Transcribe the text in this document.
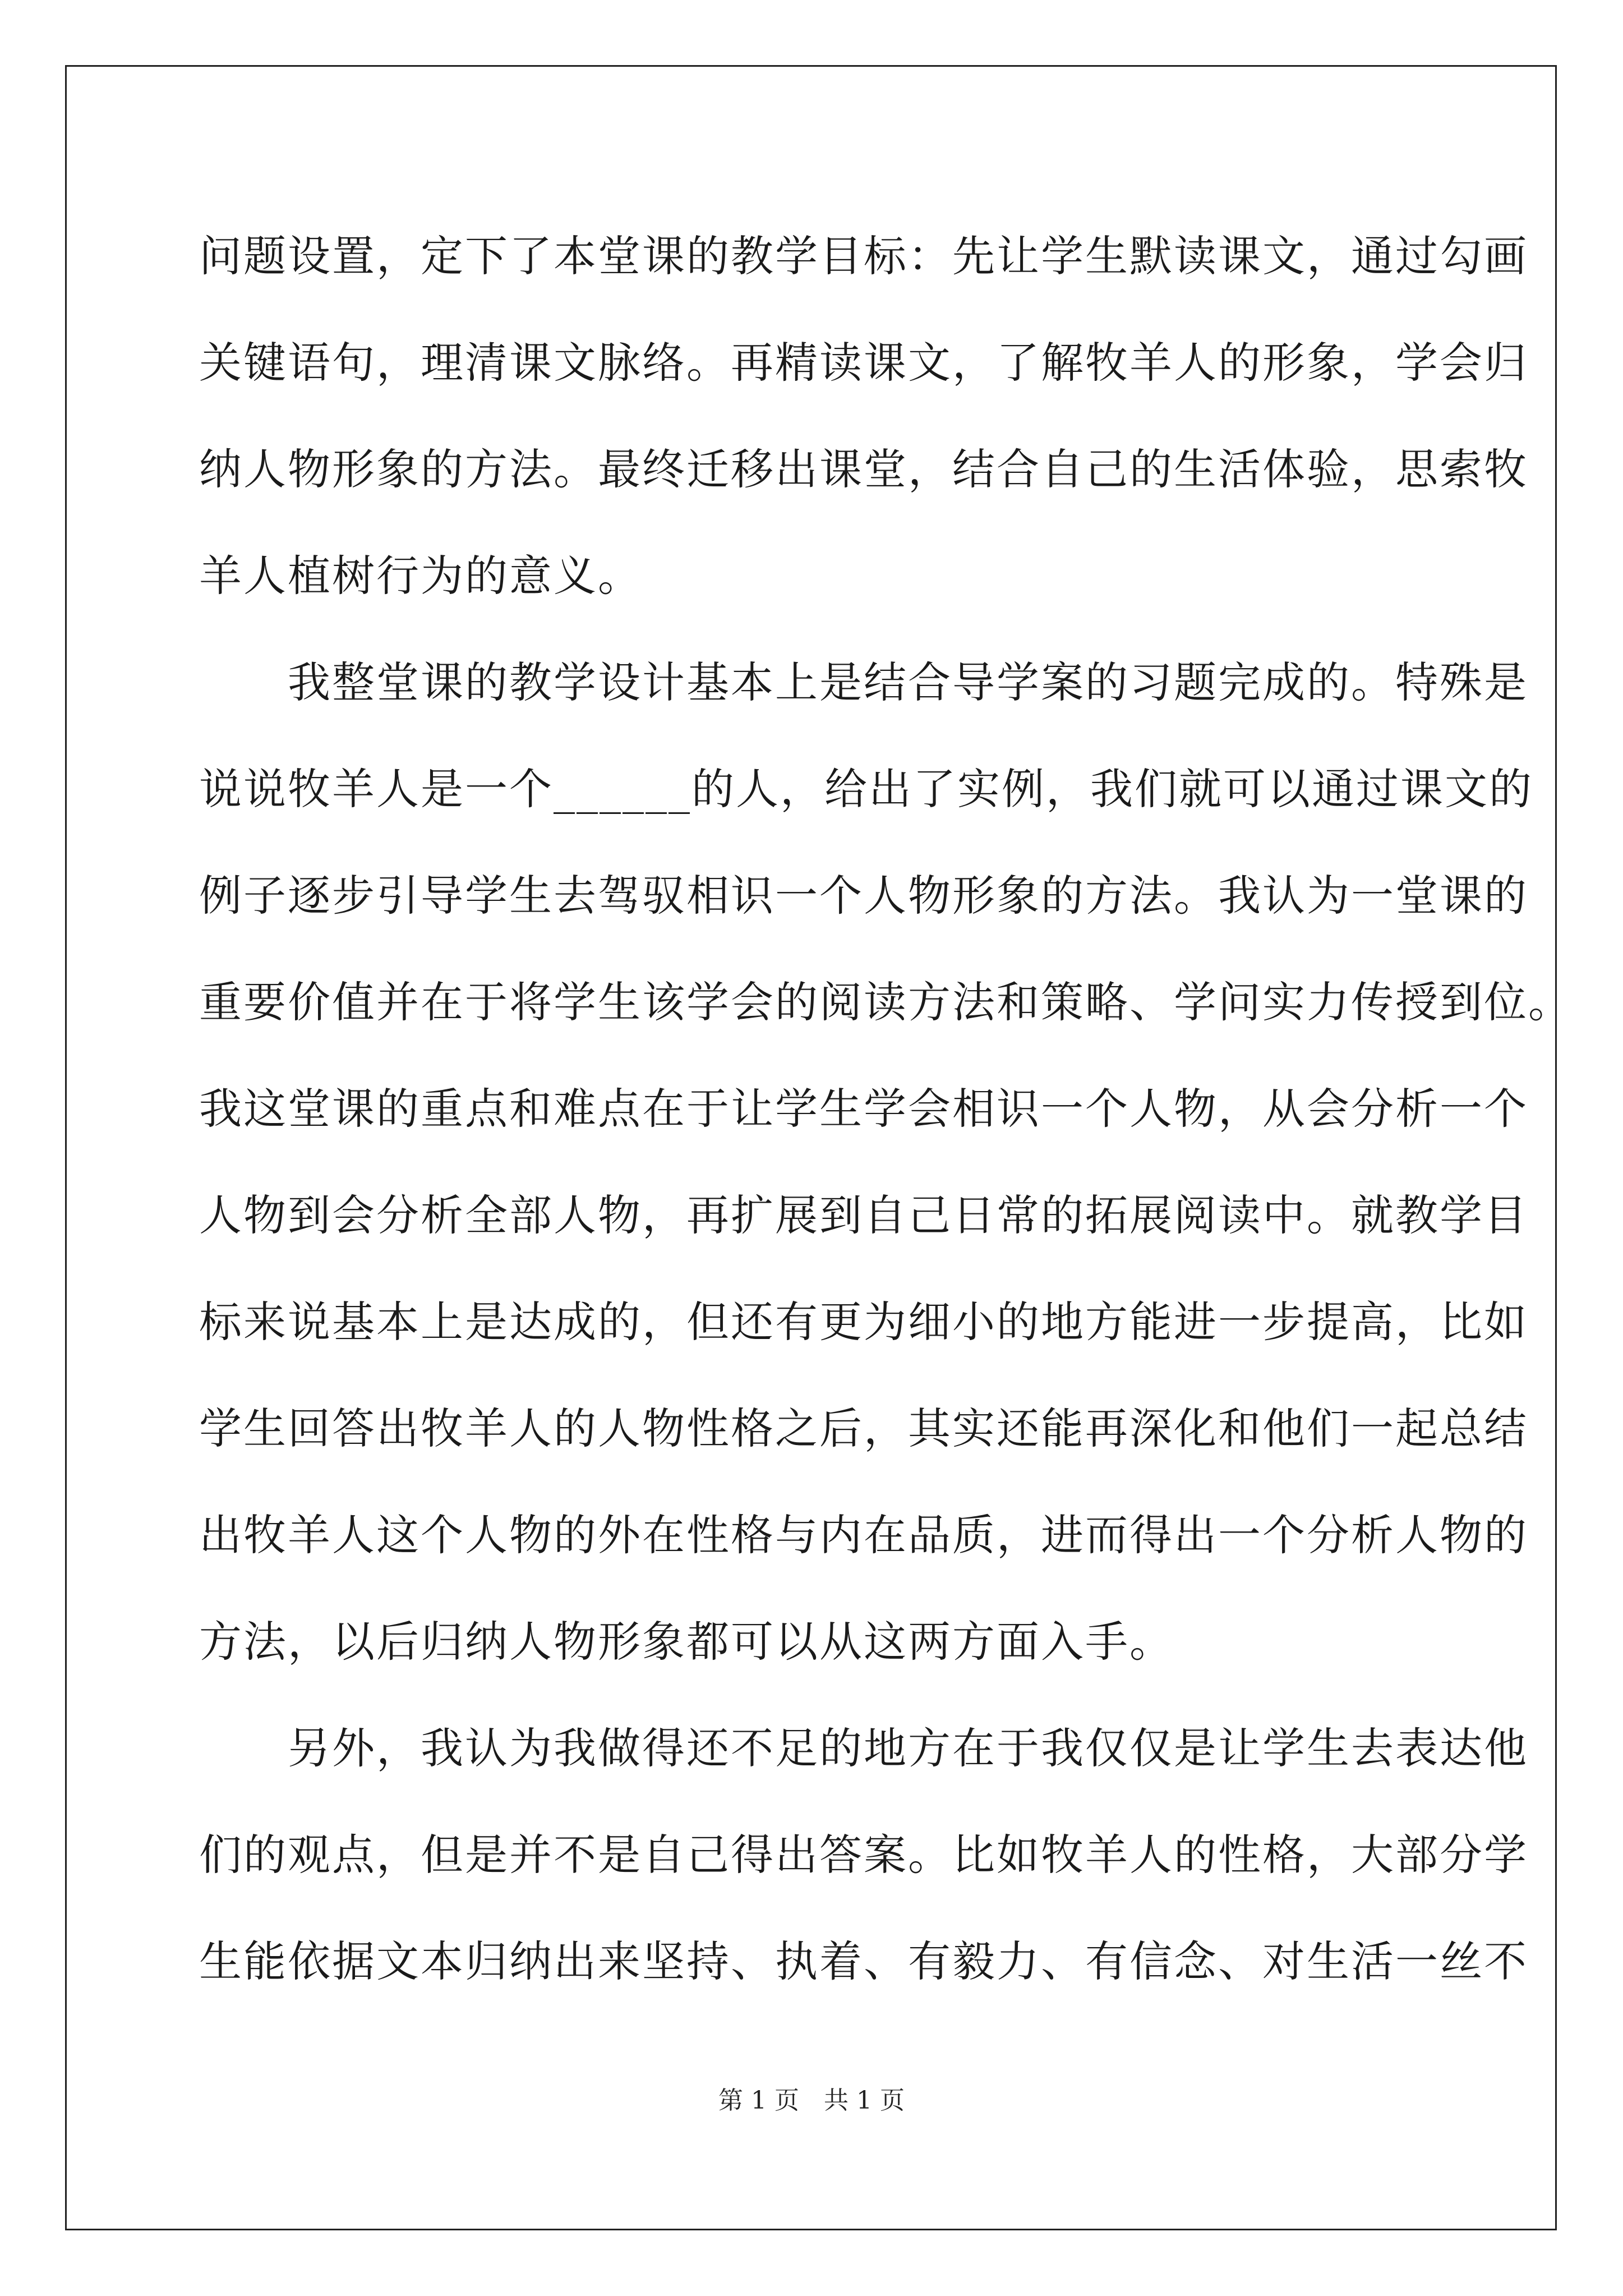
问题设置，定下了本堂课的教学目标：先让学生默读课文，通过勾画

关键语句，理清课文脉络。再精读课文，了解牧羊人的形象，学会归

纳人物形象的方法。最终迁移出课堂，结合自己的生活体验，思索牧

羊人植树行为的意义。

　　我整堂课的教学设计基本上是结合导学案的习题完成的。特殊是

说说牧羊人是一个______的人，给出了实例，我们就可以通过课文的

例子逐步引导学生去驾驭相识一个人物形象的方法。我认为一堂课的

重要价值并在于将学生该学会的阅读方法和策略、学问实力传授到位。

我这堂课的重点和难点在于让学生学会相识一个人物，从会分析一个

人物到会分析全部人物，再扩展到自己日常的拓展阅读中。就教学目

标来说基本上是达成的，但还有更为细小的地方能进一步提高，比如

学生回答出牧羊人的人物性格之后，其实还能再深化和他们一起总结

出牧羊人这个人物的外在性格与内在品质，进而得出一个分析人物的

方法，以后归纳人物形象都可以从这两方面入手。

　　另外，我认为我做得还不足的地方在于我仅仅是让学生去表达他

们的观点，但是并不是自己得出答案。比如牧羊人的性格，大部分学

生能依据文本归纳出来坚持、执着、有毅力、有信念、对生活一丝不

第 1 页　共 1 页
